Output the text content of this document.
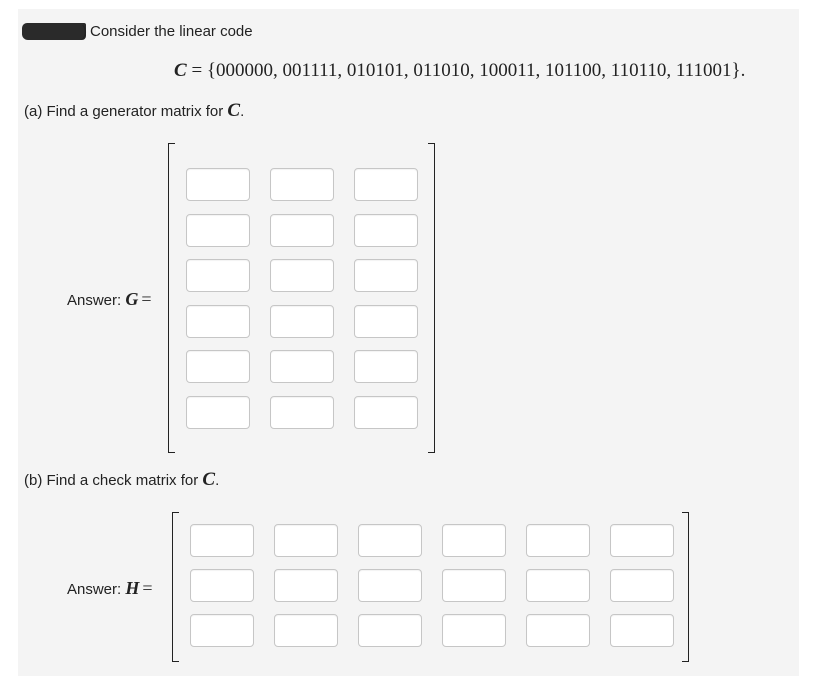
) Consider the linear code
C = {000000, 001111, 010101, 011010, 100011, 101100, 110110, 111001}.
(a) Find a generator matrix for C.
Answer: G =
(b) Find a check matrix for C.
Answer: H =
